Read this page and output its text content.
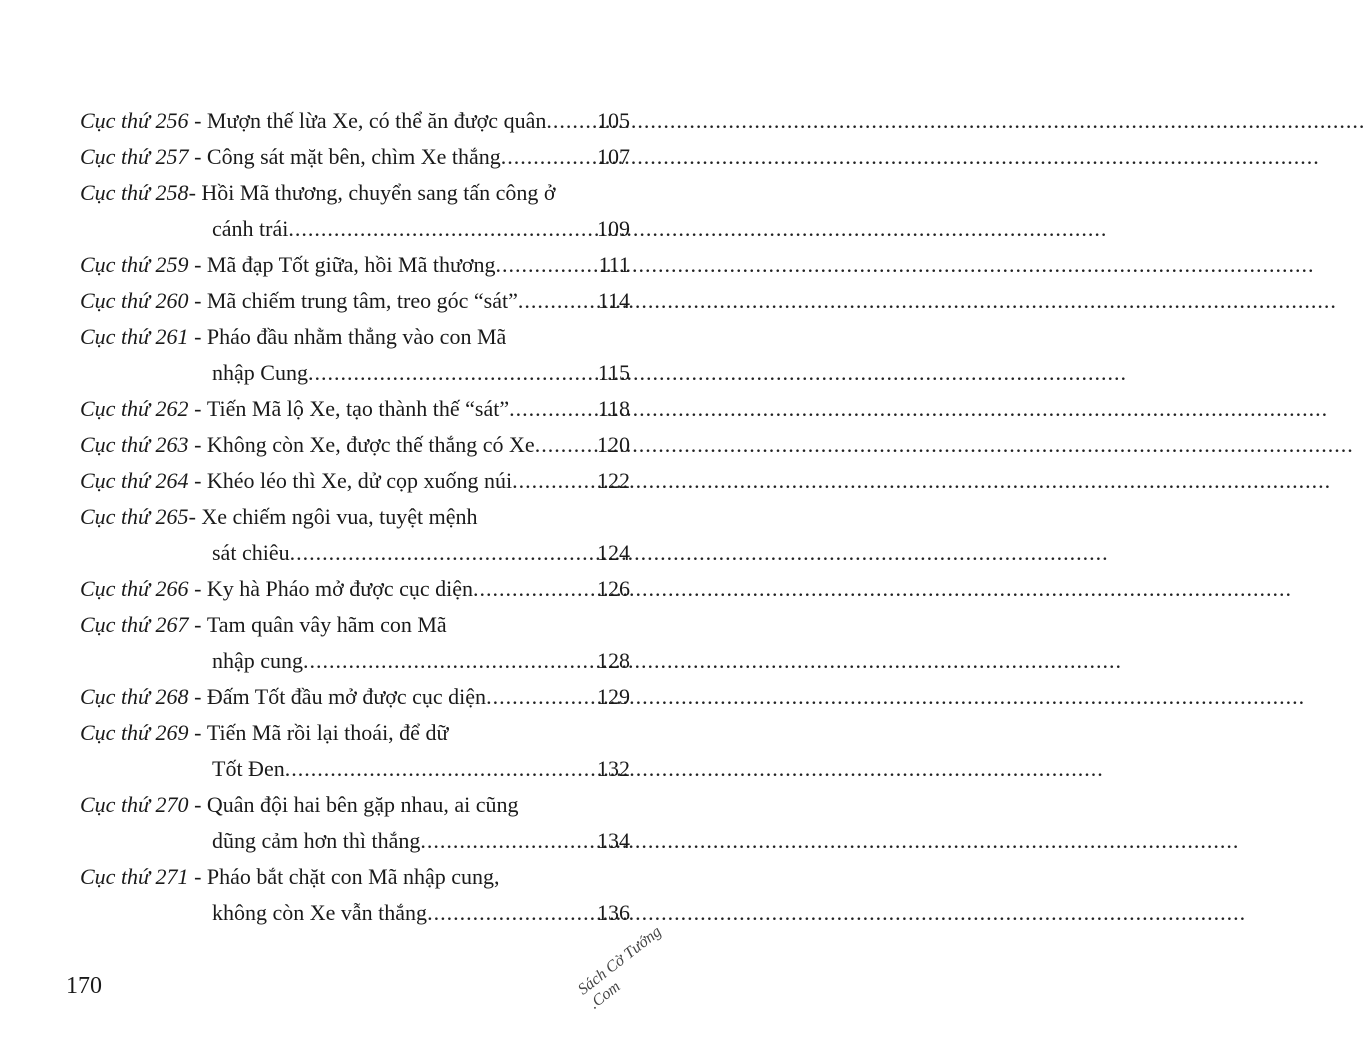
Cục thứ 256 - Mượn thế lừa Xe, có thể ăn được quân ..... 105
Cục thứ 257 - Công sát mặt bên, chìm Xe thắng .....	107
Cục thứ 258 - Hồi Mã thương, chuyển sang tấn công ở
cánh trái .....	109
Cục thứ 259 - Mã đạp Tốt giữa, hồi Mã thương .....	111
Cục thứ 260 - Mã chiếm trung tâm, treo góc “sát” .....	114
Cục thứ 261 - Pháo đầu nhằm thẳng vào con Mã
nhập Cung .....	115
Cục thứ 262 - Tiến Mã lộ Xe, tạo thành thế “sát” .....	118
Cục thứ 263 - Không còn Xe, được thế thắng có Xe .....	120
Cục thứ 264 - Khéo léo thì Xe, dử cọp xuống núi .....	122
Cục thứ 265 - Xe chiếm ngôi vua, tuyệt mệnh
sát chiêu .....	124
Cục thứ 266 - Ky hà Pháo mở được cục diện .....	126
Cục thứ 267 - Tam quân vây hãm con Mã
nhập cung .....	128
Cục thứ 268 - Đấm Tốt đầu mở được cục diện .....	129
Cục thứ 269 - Tiến Mã rồi lại thoái, để dữ
Tốt Đen .....	132
Cục thứ 270 - Quân đội hai bên gặp nhau, ai cũng
dũng cảm hơn thì thắng .....	134
Cục thứ 271 - Pháo bắt chặt con Mã nhập cung,
không còn Xe vẫn thắng .....	136
170	Sách Cờ Tướng .Com
